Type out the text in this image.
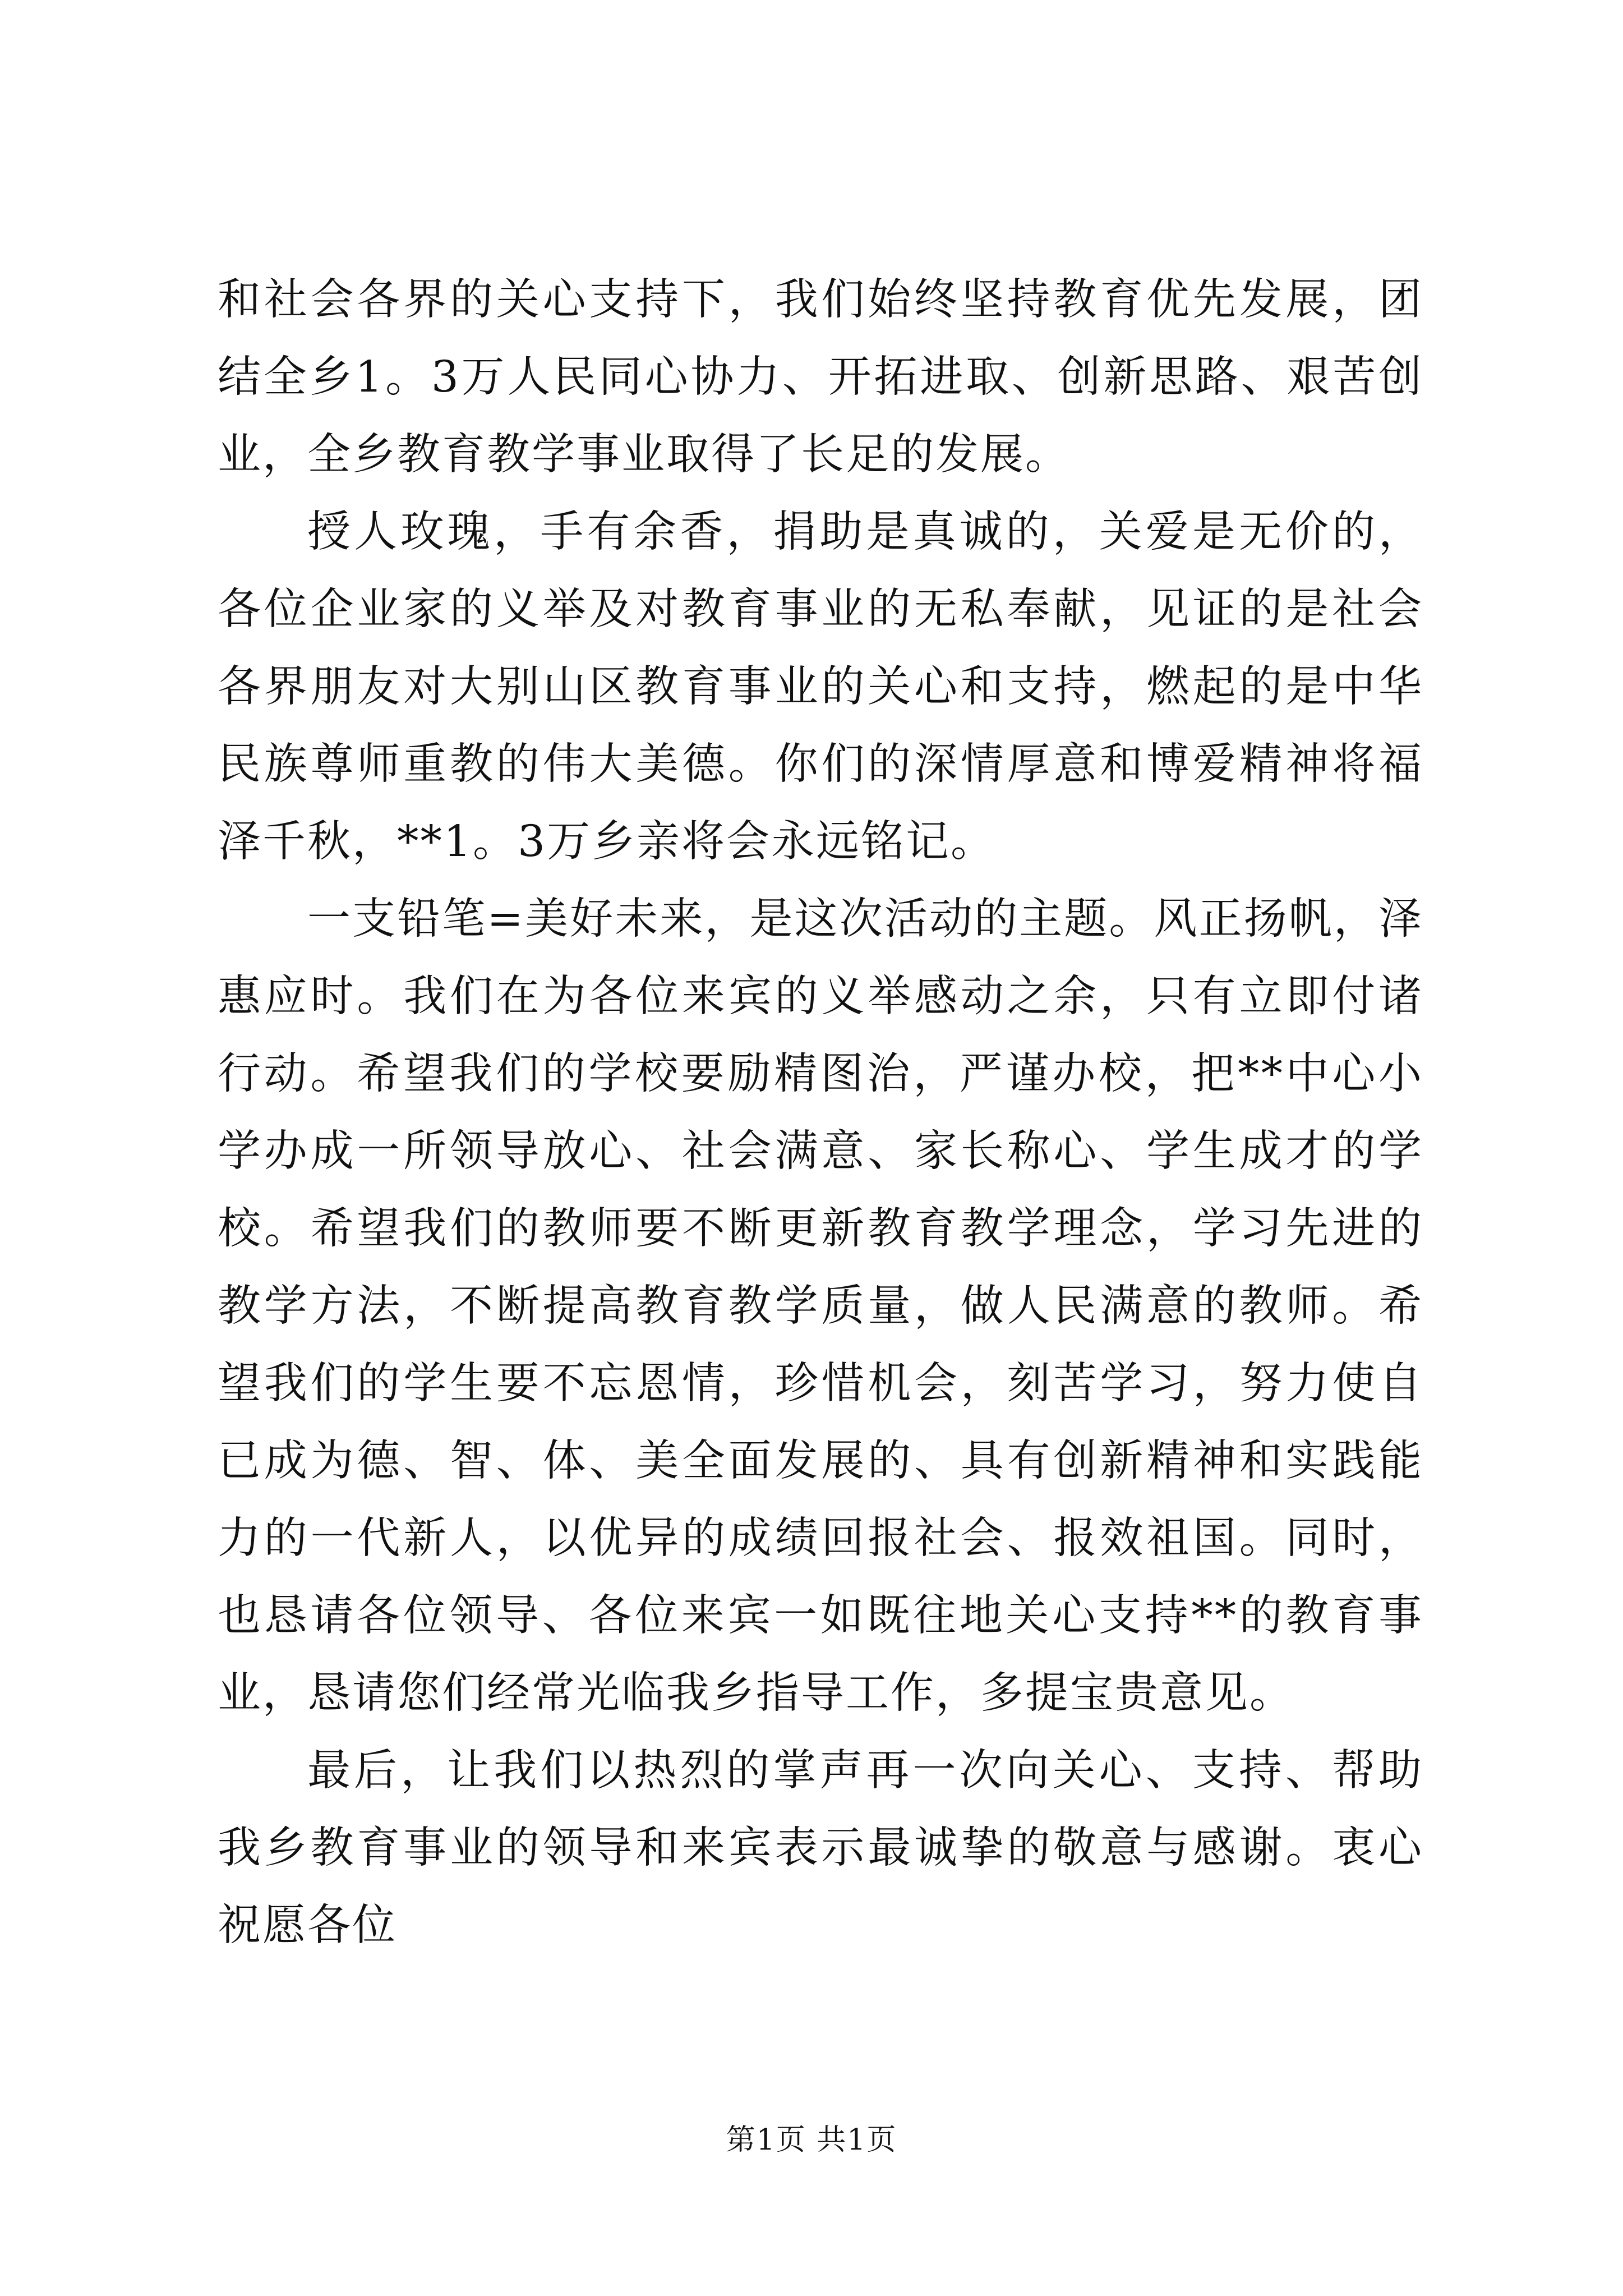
和社会各界的关心支持下，我们始终坚持教育优先发展，团结全乡1。3万人民同心协力、开拓进取、创新思路、艰苦创业，全乡教育教学事业取得了长足的发展。

授人玫瑰，手有余香，捐助是真诚的，关爱是无价的，各位企业家的义举及对教育事业的无私奉献，见证的是社会各界朋友对大别山区教育事业的关心和支持，燃起的是中华民族尊师重教的伟大美德。你们的深情厚意和博爱精神将福泽千秋，**1。3万乡亲将会永远铭记。

一支铅笔=美好未来，是这次活动的主题。风正扬帆，泽惠应时。我们在为各位来宾的义举感动之余，只有立即付诸行动。希望我们的学校要励精图治，严谨办校，把**中心小学办成一所领导放心、社会满意、家长称心、学生成才的学校。希望我们的教师要不断更新教育教学理念，学习先进的教学方法，不断提高教育教学质量，做人民满意的教师。希望我们的学生要不忘恩情，珍惜机会，刻苦学习，努力使自已成为德、智、体、美全面发展的、具有创新精神和实践能力的一代新人，以优异的成绩回报社会、报效祖国。同时，也恳请各位领导、各位来宾一如既往地关心支持**的教育事业，恳请您们经常光临我乡指导工作，多提宝贵意见。

最后，让我们以热烈的掌声再一次向关心、支持、帮助我乡教育事业的领导和来宾表示最诚挚的敬意与感谢。衷心祝愿各位

第1页 共1页
